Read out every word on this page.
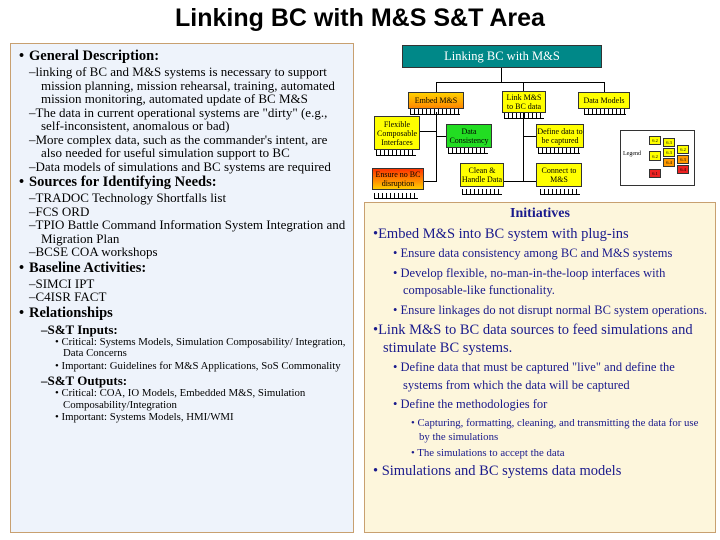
Linking BC with M&S S&T Area
• General Description:
–linking of BC and M&S systems is necessary to support mission planning, mission rehearsal, training, automated mission monitoring, automated update of BC M&S
–The data in current operational systems are "dirty" (e.g., self-inconsistent, anomalous or bad)
–More complex data, such as the commander's intent, are also needed for useful simulation support to BC
–Data models of simulations and BC systems are required
• Sources for Identifying Needs:
–TRADOC Technology Shortfalls list
–FCS ORD
–TPIO Battle Command Information System Integration and Migration Plan
–BCSE COA workshops
• Baseline Activities:
–SIMCI IPT
–C4ISR FACT
• Relationships
–S&T Inputs:
• Critical: Systems Models, Simulation Composability/ Integration, Data Concerns
• Important: Guidelines for M&S Applications, SoS Commonality
–S&T Outputs:
• Critical: COA, IO Models, Embedded M&S, Simulation Composability/Integration
• Important: Systems Models, HMI/WMI
Linking BC with M&S
Embed M&S	Link M&S to BC data
Data Models
Flexible Composable Interfaces
Data Consistency
Define data to be captured
Ensure no BC disruption
Clean & Handle Data
Connect to M&S
Legend
6.2	6.3
6.2
6.3
6.4
6.2
6.3
6.4
6.1
Initiatives
•Embed M&S into BC system with plug-ins
• Ensure data consistency among BC and M&S systems
• Develop flexible, no-man-in-the-loop interfaces with composable-like functionality.
• Ensure linkages do not disrupt normal BC system operations.
•Link M&S to BC data sources to feed simulations and stimulate BC systems.
• Define data that must be captured "live" and define the systems from which the data will be captured
• Define the methodologies for
• Capturing, formatting, cleaning, and transmitting the data for use by the simulations
• The simulations to accept the data
• Simulations and BC systems data models
